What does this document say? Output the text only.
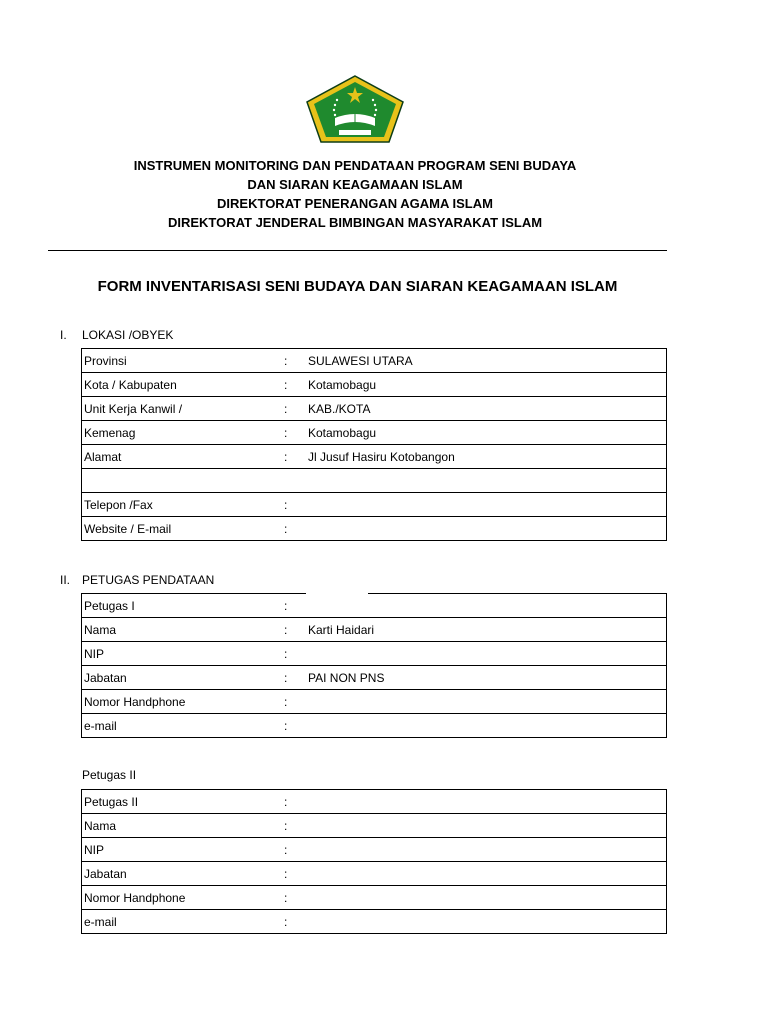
INSTRUMEN MONITORING DAN PENDATAAN PROGRAM SENI BUDAYA
DAN SIARAN KEAGAMAAN ISLAM
DIREKTORAT PENERANGAN AGAMA ISLAM
DIREKTORAT JENDERAL BIMBINGAN MASYARAKAT ISLAM
FORM INVENTARISASI SENI BUDAYA DAN SIARAN KEAGAMAAN ISLAM
I. LOKASI /OBYEK
Provinsi	:	SULAWESI UTARA
Kota / Kabupaten	:	Kotamobagu
Unit Kerja Kanwil /	:	KAB./KOTA
Kemenag	:	Kotamobagu
Alamat	:	Jl Jusuf Hasiru Kotobangon

Telepon /Fax	:	
Website / E-mail	:	
II. PETUGAS PENDATAAN
Petugas I	:	
Nama	:	Karti Haidari
NIP	:	
Jabatan	:	PAI NON PNS
Nomor Handphone	:	
e-mail	:	
Petugas II
Petugas II	:	
Nama	:	
NIP	:	
Jabatan	:	
Nomor Handphone	:	
e-mail	:	
